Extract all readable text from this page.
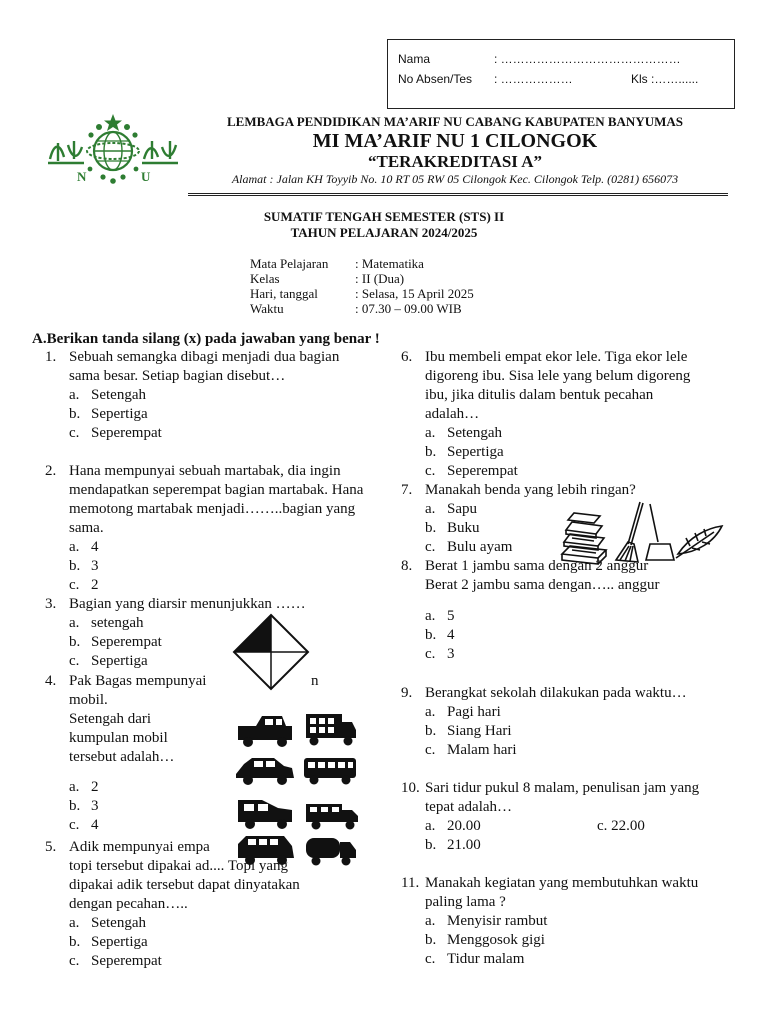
Nama	: ………………………………………
No Absen/Tes : ………………	Kls :……......
N	U
LEMBAGA PENDIDIKAN MA’ARIF NU CABANG KABUPATEN BANYUMAS
MI MA’ARIF NU 1 CILONGOK
“TERAKREDITASI A”
Alamat : Jalan KH Toyyib No. 10 RT 05 RW 05 Cilongok Kec. Cilongok Telp. (0281) 656073
SUMATIF TENGAH SEMESTER (STS) II
TAHUN PELAJARAN 2024/2025
Mata Pelajaran : Matematika
Kelas	: II (Dua)
Hari, tanggal	: Selasa, 15 April 2025
Waktu	: 07.30 – 09.00 WIB
A.Berikan tanda silang (x) pada jawaban yang benar !
1. Sebuah semangka dibagi menjadi dua bagian sama besar. Setiap bagian disebut…
a. Setengah
b. Sepertiga
c. Seperempat
2. Hana mempunyai sebuah martabak, dia ingin mendapatkan seperempat bagian martabak. Hana memotong martabak menjadi……..bagian yang sama.
a. 4
b. 3
c. 2
3. Bagian yang diarsir menunjukkan ……
a. setengah
b. Seperempat
c. Sepertiga
4. Pak Bagas mempunyai
mobil.
Setengah dari
kumpulan mobil
tersebut adalah…
a. 2
b. 3
c. 4
n
5. Adik mempunyai empa
topi tersebut dipakai ad.... Topi yang
dipakai adik tersebut dapat dinyatakan
dengan pecahan…..
a. Setengah
b. Sepertiga
c. Seperempat
6. Ibu membeli empat ekor lele. Tiga ekor lele digoreng ibu. Sisa lele yang belum digoreng ibu, jika ditulis dalam bentuk pecahan adalah…
a. Setengah
b. Sepertiga
c. Seperempat
7. Manakah benda yang lebih ringan?
a. Sapu
b. Buku
c. Bulu ayam
8. Berat 1 jambu sama dengan 2 anggur
Berat 2 jambu sama dengan….. anggur
a. 5
b. 4
c. 3
9. Berangkat sekolah dilakukan pada waktu…
a. Pagi hari
b. Siang Hari
c. Malam hari
10. Sari tidur pukul 8 malam, penulisan jam yang tepat adalah…
a. 20.00
b. 21.00
c. 22.00
11. Manakah kegiatan yang membutuhkan waktu paling lama ?
a. Menyisir rambut
b. Menggosok gigi
c. Tidur malam
